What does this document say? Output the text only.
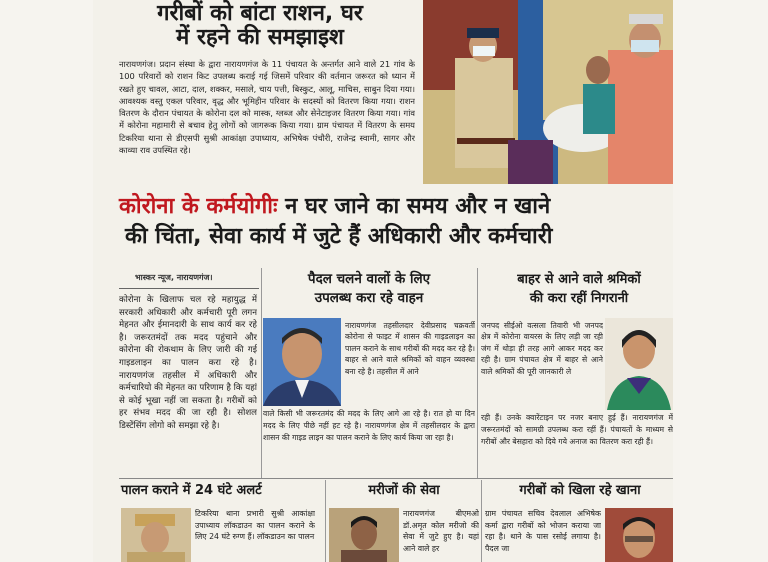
गरीबों को बांटा राशन, घर
में रहने की समझाइश
नारायणगंज। प्रदान संस्था के द्वारा नारायणगंज के 11 पंचायत के अन्तर्गत आने वाले 21 गांव के 100 परिवारों को राशन किट उपलब्ध कराई गई जिसमें परिवार की वर्तमान जरूरत को ध्यान में रखते हुए चावल, आटा, दाल, शक्कर, मसाले, चाय पत्ती, बिस्कुट, आलू, माचिस, साबुन दिया गया। आवश्यक वस्तु एकल परिवार, वृद्ध और भूमिहीन परिवार के सदस्यों को वितरण किया गया। राशन वितरण के दौरान पंचायत के कोरोना दल को मास्क, ग्लब्ज और सेनेटाइजर वितरण किया गया। गांव में कोरोना महामारी से बचाव हेतु लोगों को जागरूक किया गया। ग्राम पंचायत में वितरण के समय टिकरिया थाना से डीएसपी सुश्री आकांक्षा उपाध्याय, अभिषेक पंचौरी, राजेन्द्र स्वामी, सागर और काव्या राव उपस्थित रहे।
कोरोना के कर्मयोगीः न घर जाने का समय और न खाने
की चिंता, सेवा कार्य में जुटे हैं अधिकारी और कर्मचारी
भास्कर न्यूज, नारायणगंज।
कोरोना के खिलाफ चल रहे महायुद्ध में सरकारी अधिकारी और कर्मचारी पूरी लगन मेहनत और ईमानदारी के साथ कार्य कर रहे है। जरूरतमंदों तक मदद पहुंचाने और कोरोना की रोकथाम के लिए जारी की गई गाइडलाइन का पालन करा रहे है। नारायणगंज तहसील में अधिकारी और कर्मचारियो की मेहनत का परिणाम है कि यहां से कोई भूखा नहीं जा सकता है। गरीबों को हर संभव मदद की जा रही है। सोशल डिस्टेंसिंग लोगो को समझा रहे है।
पैदल चलने वालों के लिए
उपलब्ध करा रहे वाहन
नारायणगंज तहसीलदार देवीप्रसाद चक्रवर्ती कोरोना से फाइट में शासन की गाइडलाइन का पालन कराने के साथ गरीबों की मदद कर रहे है। बाहर से आने वाले श्रमिकों को वाहन व्यवस्था बना रहे है। तहसील में आने
वाले किसी भी जरूरतमंद की मदद के लिए आगे आ रहे है। रात हो या दिन मदद के लिए पीछे नहीं हट रहे है। नारायणगंज क्षेत्र में तहसीलदार के द्वारा शासन की गाइड लाइन का पालन कराने के लिए कार्य किया जा रहा है।
बाहर से आने वाले श्रमिकों
की करा रहीं निगरानी
जनपद सीईओ वत्सला तिवारी भी जनपद क्षेत्र में कोरोना वायरस के लिए लड़ी जा रही जंग में थोड़ा ही तरह आगे आकर मदद कर रही है। ग्राम पंचायत क्षेत्र में बाहर से आने वाले श्रमिकों की पूरी जानकारी ले
रही हैं। उनके क्वारेंटाइन पर नजर बनाए हुई हैं। नारायणगंज में जरूरतमंदों को सामग्री उपलब्ध करा रहीं हैं। पंचायतों के माध्यम से गरीबों और बेसहारा को दिये गये अनाज का वितरण करा रही हैं।
पालन कराने में 24 घंटे अलर्ट
टिकरिया थाना प्रभारी सुश्री आकांक्षा उपाध्याय लॉकडाउन का पालन कराने के लिए 24 घंटे रुग्ण हैं। लॉकडाउन का पालन
मरीजों की सेवा
नारायणगंज बीएमओ डॉ.अमृत कोल मरीजो की सेवा में जुटे हुए है। यहां आने वाले हर
गरीबों को खिला रहे खाना
ग्राम पंचायत सचिव देवलाल अभिषेक कर्मा द्वारा गरीबों को भोजन कराया जा रहा है। थाने के पास रसोई लगाया है। पैदल जा
